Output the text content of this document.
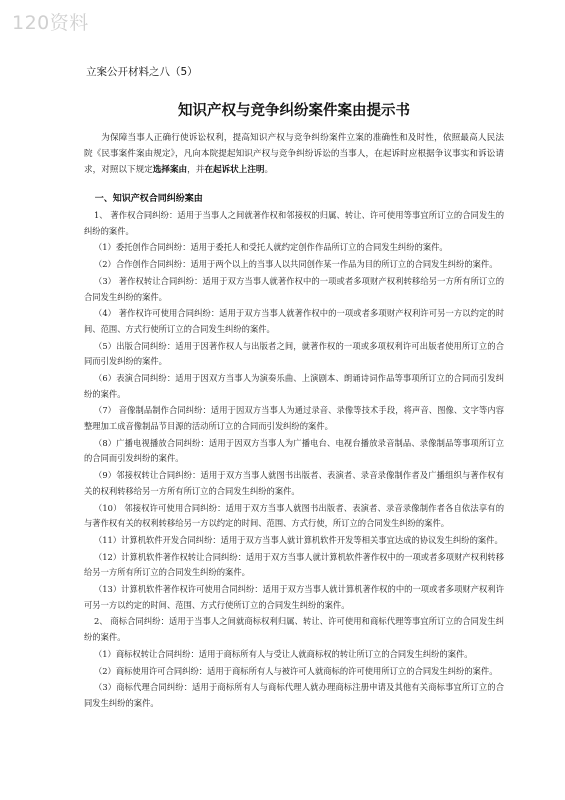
120资料

立案公开材料之八（5）

知识产权与竞争纠纷案件案由提示书

为保障当事人正确行使诉讼权利，提高知识产权与竞争纠纷案件立案的准确性和及时性，依照最高人民法院《民事案件案由规定》，凡向本院提起知识产权与竞争纠纷诉讼的当事人，在起诉时应根据争议事实和诉讼请求，对照以下规定选择案由，并在起诉状上注明。

一、知识产权合同纠纷案由

1、 著作权合同纠纷：适用于当事人之间就著作权和邻接权的归属、转让、许可使用等事宜所订立的合同发生的纠纷的案件。

（1）委托创作合同纠纷：适用于委托人和受托人就约定创作作品所订立的合同发生纠纷的案件。

（2）合作创作合同纠纷：适用于两个以上的当事人以共同创作某一作品为目的所订立的合同发生纠纷的案件。

（3） 著作权转让合同纠纷：适用于双方当事人就著作权中的一项或者多项财产权利转移给另一方所有所订立的合同发生纠纷的案件。

（4） 著作权许可使用合同纠纷：适用于双方当事人就著作权中的一项或者多项财产权利许可另一方以约定的时间、范围、方式行使所订立的合同发生纠纷的案件。

（5）出版合同纠纷：适用于因著作权人与出版者之间，就著作权的一项或多项权利许可出版者使用所订立的合同而引发纠纷的案件。

（6）表演合同纠纷：适用于因双方当事人为演奏乐曲、上演剧本、朗诵诗词作品等事项所订立的合同而引发纠纷的案件。

（7） 音像制品制作合同纠纷：适用于因双方当事人为通过录音、录像等技术手段，将声音、图像、文字等内容整理加工成音像制品节目源的活动所订立的合同而引发纠纷的案件。

（8）广播电视播放合同纠纷：适用于因双方当事人为广播电台、电视台播放录音制品、录像制品等事项所订立的合同而引发纠纷的案件。

（9）邻接权转让合同纠纷：适用于双方当事人就图书出版者、表演者、录音录像制作者及广播组织与著作权有关的权利转移给另一方所有所订立的合同发生纠纷的案件。

（10） 邻接权许可使用合同纠纷：适用于双方当事人就图书出版者、表演者、录音录像制作者各自依法享有的与著作权有关的权利转移给另一方以约定的时间、范围、方式行使，所订立的合同发生纠纷的案件。

（11）计算机软件开发合同纠纷：适用于双方当事人就计算机软件开发等相关事宜达成的协议发生纠纷的案件。

（12）计算机软件著作权转让合同纠纷：适用于双方当事人就计算机软件著作权中的一项或者多项财产权利转移给另一方所有所订立的合同发生纠纷的案件。

（13）计算机软件著作权许可使用合同纠纷：适用于双方当事人就计算机著作权的中的一项或者多项财产权利许可另一方以约定的时间、范围、方式行使所订立的合同发生纠纷的案件。

2、 商标合同纠纷：适用于当事人之间就商标权利归属、转让、许可使用和商标代理等事宜所订立的合同发生纠纷的案件。

（1）商标权转让合同纠纷：适用于商标所有人与受让人就商标权的转让所订立的合同发生纠纷的案件。

（2）商标使用许可合同纠纷：适用于商标所有人与被许可人就商标的许可使用所订立的合同发生纠纷的案件。

（3）商标代理合同纠纷：适用于商标所有人与商标代理人就办理商标注册申请及其他有关商标事宜所订立的合同发生纠纷的案件。
